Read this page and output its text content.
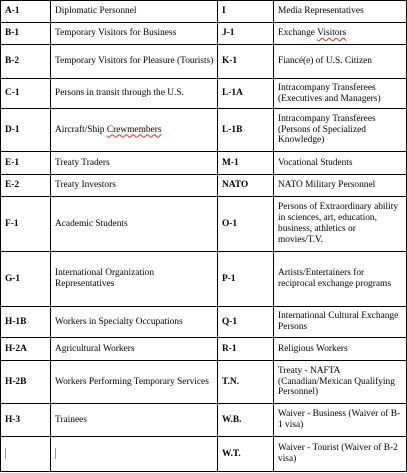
A-1	Diplomatic Personnel	I	Media Representatives
B-1	Temporary Visitors for Business	J-1	Exchange Visitors
B-2	Temporary Visitors for Pleasure (Tourists)	K-1	Fiancé(e) of U.S. Citizen
C-1	Persons in transit through the U.S.	L-1A	Intracompany Transferees (Executives and Managers)
D-1	Aircraft/Ship Crewmembers	L-1B	Intracompany Transferees (Persons of Specialized Knowledge)
E-1	Treaty Traders	M-1	Vocational Students
E-2	Treaty Investors	NATO	NATO Military Personnel
F-1	Academic Students	O-1	Persons of Extraordinary ability in sciences, art, education, business, athletics or movies/T.V.
G-1	International Organization Representatives	P-1	Artists/Entertainers for reciprocal exchange programs
H-1B	Workers in Specialty Occupations	Q-1	International Cultural Exchange Persons
H-2A	Agricultural Workers	R-1	Religious Workers
H-2B	Workers Performing Temporary Services	T.N.	Treaty - NAFTA (Canadian/Mexican Qualifying Personnel)
H-3	Trainees	W.B.	Waiver - Business (Waiver of B-1 visa)
		W.T.	Waiver - Tourist (Waiver of B-2 visa)
